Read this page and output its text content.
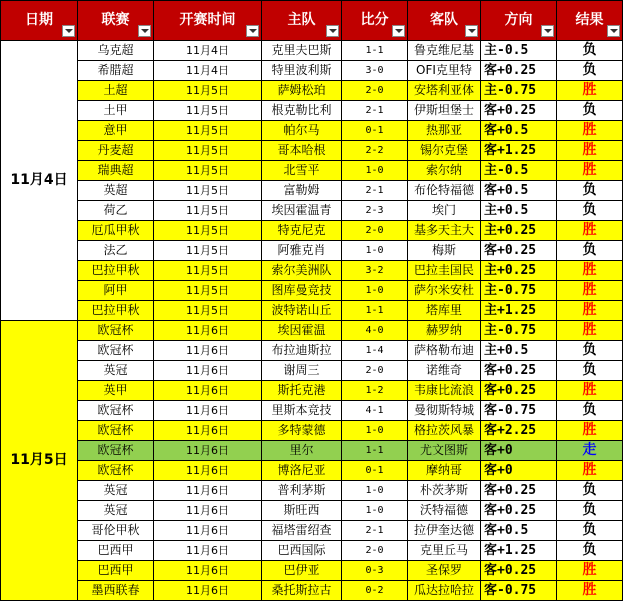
日期	联赛	开赛时间	主队	比分	客队	方向	结果

11月4日	乌克超	11月4日	克里夫巴斯	1-1	鲁克维尼基	主-0.5	负
	希腊超	11月4日	特里波利斯	3-0	OFI克里特	客+0.25	负
	土超	11月5日	萨姆松珀	2-0	安塔利亚体	主-0.75	胜
	土甲	11月5日	根克勒比利	2-1	伊斯坦堡士	客+0.25	负
	意甲	11月5日	帕尔马	0-1	热那亚	客+0.5	胜
	丹麦超	11月5日	哥本哈根	2-2	锡尔克堡	客+1.25	胜
	瑞典超	11月5日	北雪平	1-0	索尔纳	主-0.5	胜
	英超	11月5日	富勒姆	2-1	布伦特福德	客+0.5	负
	荷乙	11月5日	埃因霍温青	2-3	埃门	主+0.5	负
	厄瓜甲秋	11月5日	特克尼克	2-0	基多天主大	主+0.25	胜
	法乙	11月5日	阿雅克肖	1-0	梅斯	客+0.25	负
	巴拉甲秋	11月5日	索尔美洲队	3-2	巴拉圭国民	主+0.25	胜
	阿甲	11月5日	图库曼竞技	1-0	萨尔米安杜	主-0.75	胜
	巴拉甲秋	11月5日	波特诺山丘	1-1	塔库里	主+1.25	胜
11月5日	欧冠杯	11月6日	埃因霍温	4-0	赫罗纳	主-0.75	胜
	欧冠杯	11月6日	布拉迪斯拉	1-4	萨格勒布迪	主+0.5	负
	英冠	11月6日	谢周三	2-0	诺维奇	客+0.25	负
	英甲	11月6日	斯托克港	1-2	韦康比流浪	客+0.25	胜
	欧冠杯	11月6日	里斯本竞技	4-1	曼彻斯特城	客-0.75	负
	欧冠杯	11月6日	多特蒙德	1-0	格拉茨风暴	客+2.25	胜
	欧冠杯	11月6日	里尔	1-1	尤文图斯	客+0	走
	欧冠杯	11月6日	博洛尼亚	0-1	摩纳哥	客+0	胜
	英冠	11月6日	普利茅斯	1-0	朴茨茅斯	客+0.25	负
	英冠	11月6日	斯旺西	1-0	沃特福德	客+0.25	负
	哥伦甲秋	11月6日	福塔雷绍查	2-1	拉伊奎达德	客+0.5	负
	巴西甲	11月6日	巴西国际	2-0	克里丘马	客+1.25	负
	巴西甲	11月6日	巴伊亚	0-3	圣保罗	客+0.25	胜
	墨西联春	11月6日	桑托斯拉古	0-2	瓜达拉哈拉	客-0.75	胜
